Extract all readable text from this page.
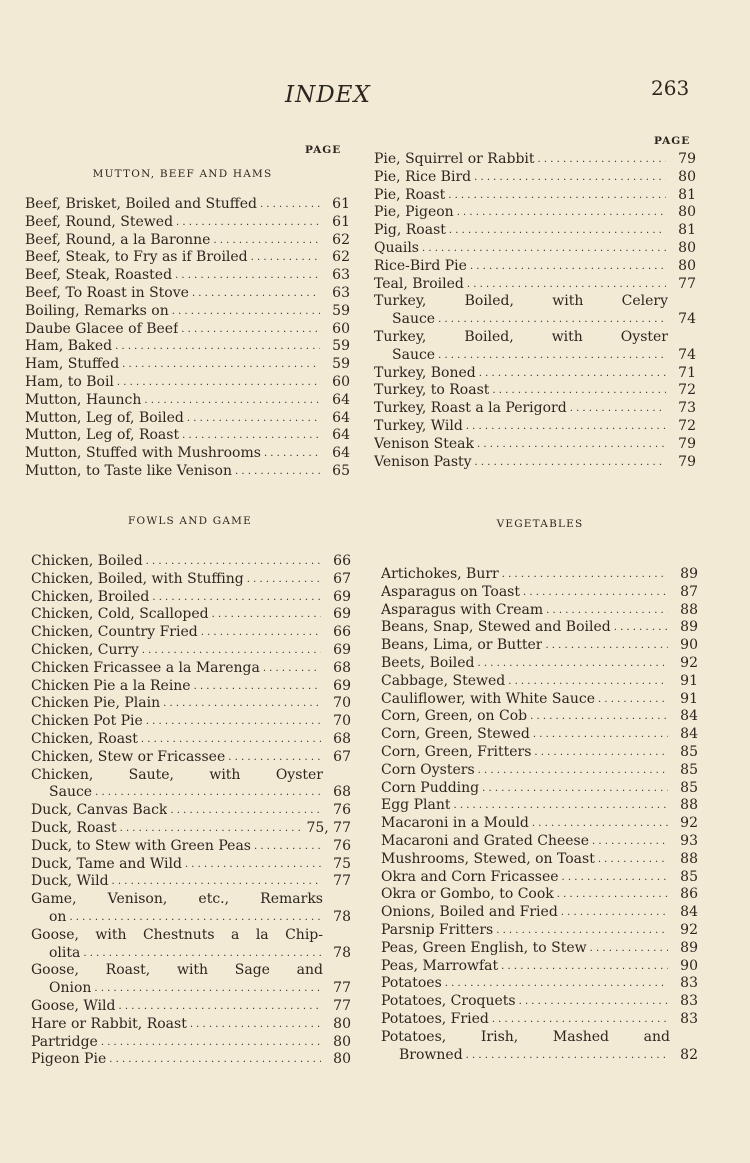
INDEX	263
PAGE
MUTTON, BEEF AND HAMS
Beef, Brisket, Boiled and Stuffed . . .	61
Beef, Round, Stewed . . .	61
Beef, Round, a la Baronne . . .	62
Beef, Steak, to Fry as if Broiled . . .	62
Beef, Steak, Roasted . . .	63
Beef, To Roast in Stove . . .	63
Boiling, Remarks on . . .	59
Daube Glacee of Beef . . .	60
Ham, Baked . . .	59
Ham, Stuffed . . .	59
Ham, to Boil . . .	60
Mutton, Haunch . . .	64
Mutton, Leg of, Boiled . . .	64
Mutton, Leg of, Roast . . .	64
Mutton, Stuffed with Mushrooms . . .	64
Mutton, to Taste like Venison . . .	65
FOWLS AND GAME
Chicken, Boiled . . .	66
Chicken, Boiled, with Stuffing . . .	67
Chicken, Broiled . . .	69
Chicken, Cold, Scalloped . . .	69
Chicken, Country Fried . . .	66
Chicken, Curry . . .	69
Chicken Fricassee a la Marenga . . .	68
Chicken Pie a la Reine . . .	69
Chicken Pie, Plain . . .	70
Chicken Pot Pie . . .	70
Chicken, Roast . . .	68
Chicken, Stew or Fricassee . . .	67
Chicken, Saute, with Oyster
Sauce . . .	68
Duck, Canvas Back . . .	76
Duck, Roast . . .	75, 77
Duck, to Stew with Green Peas . . .	76
Duck, Tame and Wild . . .	75
Duck, Wild . . .	77
Game, Venison, etc., Remarks
on . . .	78
Goose, with Chestnuts a la Chip-
olita . . .	78
Goose, Roast, with Sage and
Onion . . .	77
Goose, Wild . . .	77
Hare or Rabbit, Roast . . .	80
Partridge . . .	80
Pigeon Pie . . .	80
PAGE
Pie, Squirrel or Rabbit . . .	79
Pie, Rice Bird . . .	80
Pie, Roast . . .	81
Pie, Pigeon . . .	80
Pig, Roast . . .	81
Quails . . .	80
Rice-Bird Pie . . .	80
Teal, Broiled . . .	77
Turkey, Boiled, with Celery
Sauce . . .	74
Turkey, Boiled, with Oyster
Sauce . . .	74
Turkey, Boned . . .	71
Turkey, to Roast . . .	72
Turkey, Roast a la Perigord . . .	73
Turkey, Wild . . .	72
Venison Steak . . .	79
Venison Pasty . . .	79
VEGETABLES
Artichokes, Burr . . .	89
Asparagus on Toast . . .	87
Asparagus with Cream . . .	88
Beans, Snap, Stewed and Boiled . . .	89
Beans, Lima, or Butter . . .	90
Beets, Boiled . . .	92
Cabbage, Stewed . . .	91
Cauliflower, with White Sauce . . .	91
Corn, Green, on Cob . . .	84
Corn, Green, Stewed . . .	84
Corn, Green, Fritters . . .	85
Corn Oysters . . .	85
Corn Pudding . . .	85
Egg Plant . . .	88
Macaroni in a Mould . . .	92
Macaroni and Grated Cheese . . .	93
Mushrooms, Stewed, on Toast . . .	88
Okra and Corn Fricassee . . .	85
Okra or Gombo, to Cook . . .	86
Onions, Boiled and Fried . . .	84
Parsnip Fritters . . .	92
Peas, Green English, to Stew . . .	89
Peas, Marrowfat . . .	90
Potatoes . . .	83
Potatoes, Croquets . . .	83
Potatoes, Fried . . .	83
Potatoes, Irish, Mashed and
Browned . . .	82
